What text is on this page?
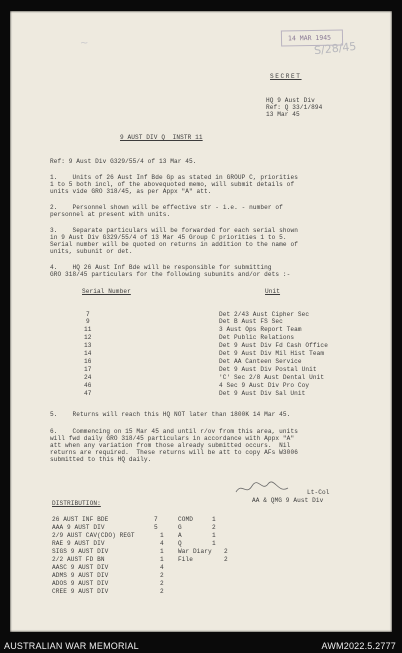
14 MAR 1945
S/28/45
~
SECRET
HQ 9 Aust Div
Ref: Q 33/1/894
13 Mar 45
9 AUST DIV Q  INSTR 11
Ref: 9 Aust Div G329/55/4 of 13 Mar 45.
1.    Units of 26 Aust Inf Bde Gp as stated in GROUP C, priorities
1 to 5 both incl, of the abovequoted memo, will submit details of
units vide GRO 318/45, as per Appx "A" att.
2.    Personnel shown will be effective str - i.e. - number of
personnel at present with units.
3.    Separate particulars will be forwarded for each serial shown
in 9 Aust Div G329/55/4 of 13 Mar 45 Group C priorities 1 to 5.
Serial number will be quoted on returns in addition to the name of
units, subunit or det.
4.    HQ 26 Aust Inf Bde will be responsible for submitting
GRO 318/45 particulars for the following subunits and/or dets :-
Serial Number	Unit
7	Det 2/43 Aust Cipher Sec
9	Det B Aust FS Sec
11	3 Aust Ops Report Team
12	Det Public Relations
13	Det 9 Aust Div Fd Cash Office
14	Det 9 Aust Div Mil Hist Team
16	Det AA Canteen Service
17	Det 9 Aust Div Postal Unit
24	'C' Sec 2/8 Aust Dental Unit
46	4 Sec 9 Aust Div Pro Coy
47	Det 9 Aust Div Sal Unit
5.    Returns will reach this HQ NOT later than 1800K 14 Mar 45.
6.    Commencing on 15 Mar 45 and until r/ov from this area, units
will fwd daily GRO 318/45 particulars in accordance with Appx "A"
att when any variation from those already submitted occurs.  Nil
returns are required.  These returns will be att to copy AFs W3006
submitted to this HQ daily.
Lt-Col
AA & QMG 9 Aust Div
DISTRIBUTION:
26 AUST INF BDE	7
AAA 9 AUST DIV	5
2/9 AUST CAV(CDO) REGT	1
RAE 9 AUST DIV	4
SIGS 9 AUST DIV	1
2/2 AUST FD BN	1
AASC 9 AUST DIV	4
ADMS 9 AUST DIV	2
ADOS 9 AUST DIV	2
CREE 9 AUST DIV	2
COMD	1
G	2
A	1
Q	1
War Diary 2
File	2
AUSTRALIAN WAR MEMORIAL	AWM2022.5.2777
